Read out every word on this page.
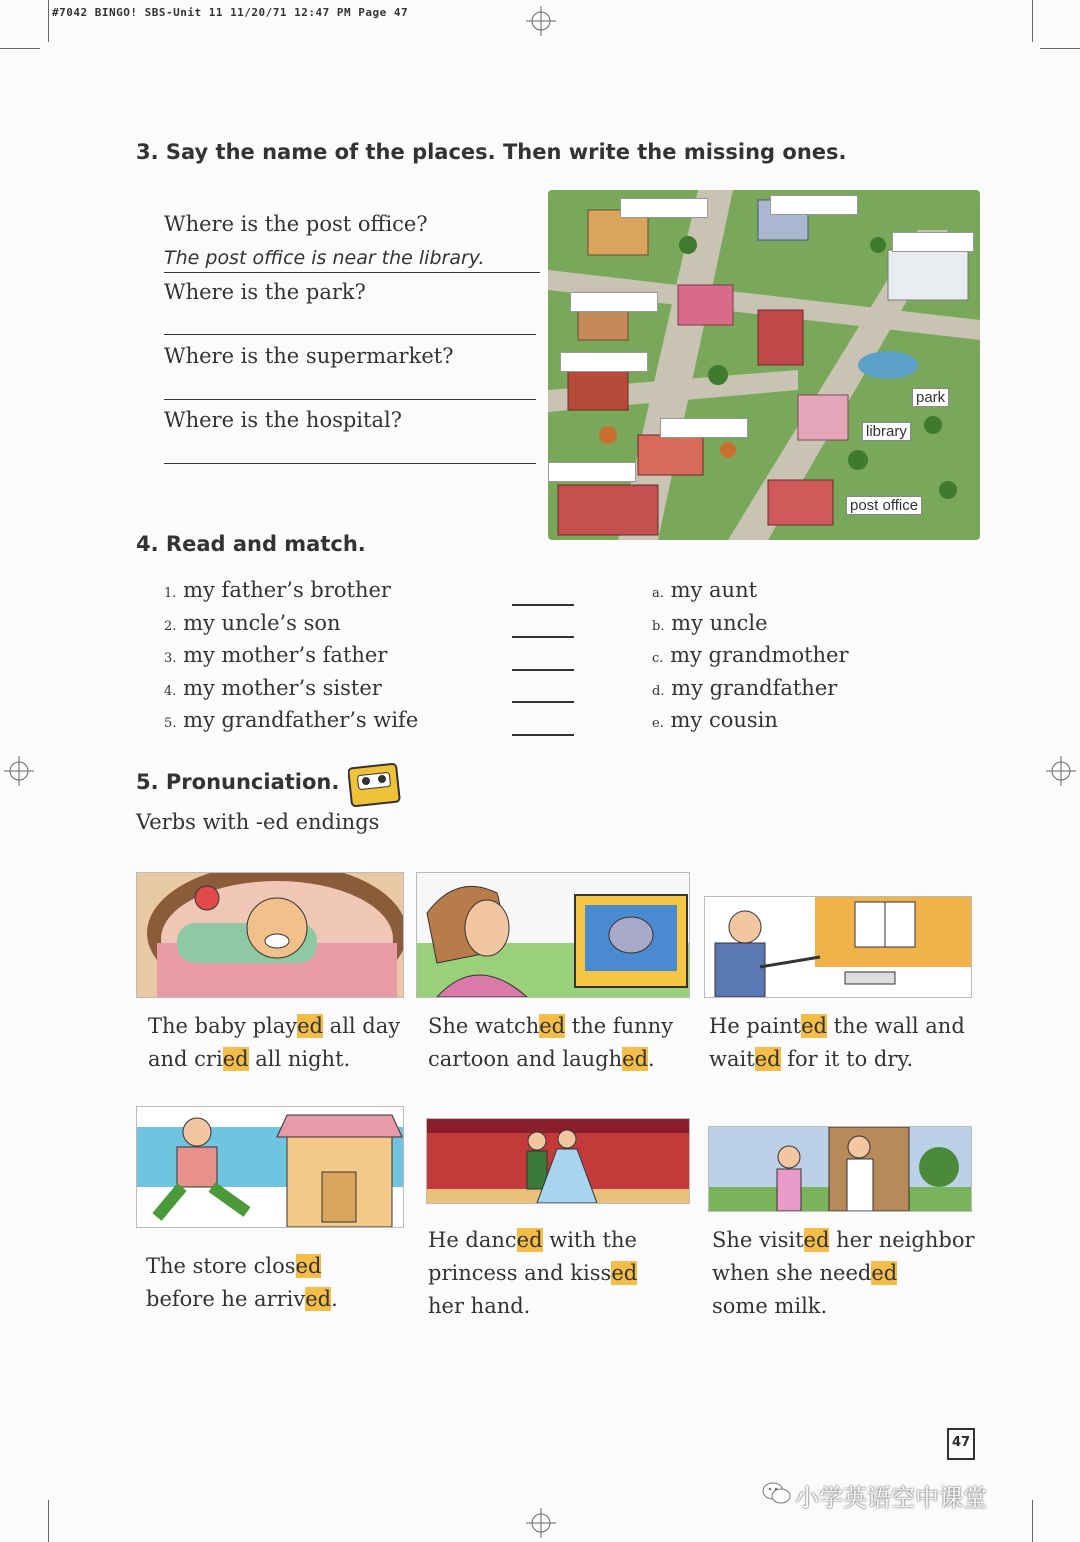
#7042 BINGO! SBS-Unit 11 11/20/71 12:47 PM Page 47
3. Say the name of the places. Then write the missing ones.
Where is the post office?
The post office is near the library.
Where is the park?
Where is the supermarket?
Where is the hospital?
park
library
post office
4. Read and match.
1. my father’s brother
2. my uncle’s son
3. my mother’s father
4. my mother’s sister
5. my grandfather’s wife
a. my aunt
b. my uncle
c. my grandmother
d. my grandfather
e. my cousin
5. Pronunciation.
Verbs with -ed endings
The baby played all day
and cried all night.
She watched the funny
cartoon and laughed.
He painted the wall and
waited for it to dry.
The store closed
before he arrived.
He danced with the
princess and kissed
her hand.
She visited her neighbor
when she needed
some milk.
47
小学英语空中课堂
